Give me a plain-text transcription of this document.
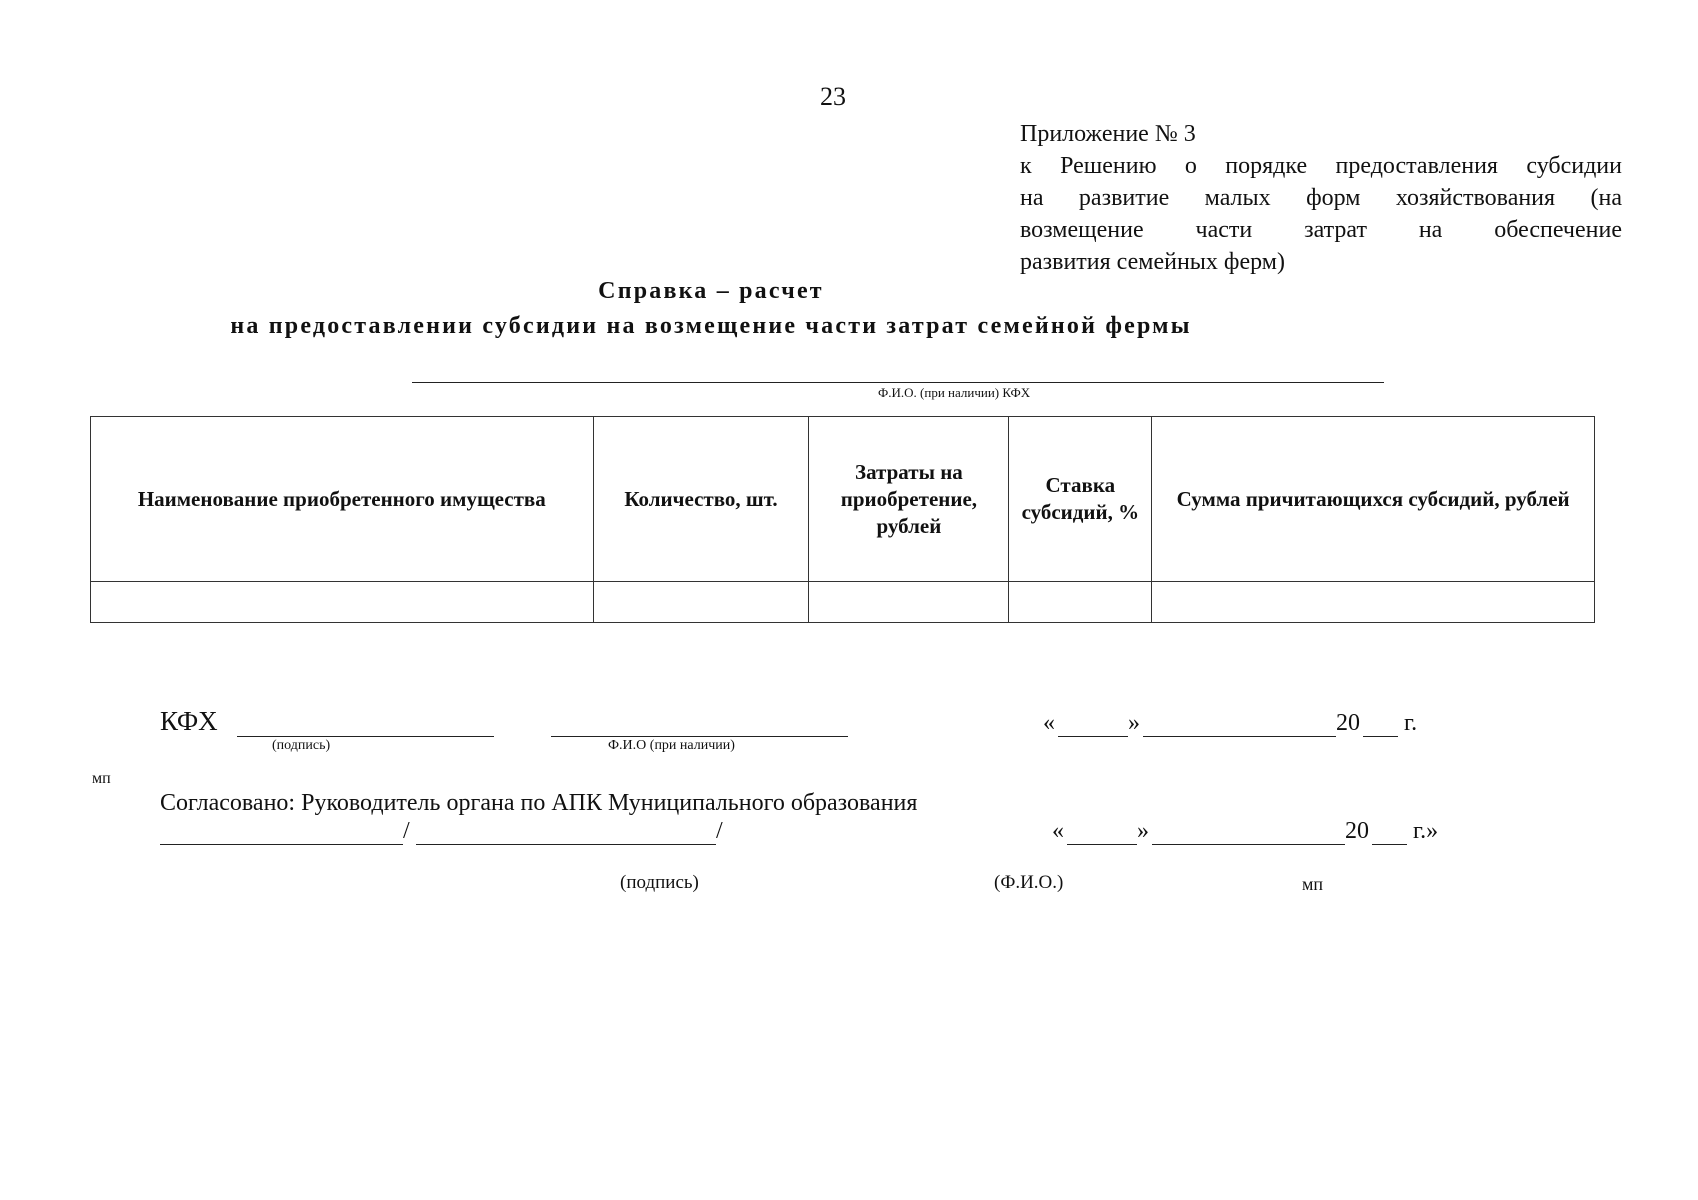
23
Приложение № 3
к Решению о порядке предоставления субсидии
на развитие малых форм хозяйствования (на
возмещение части затрат на обеспечение
развития семейных ферм)
Справка – расчет
на предоставлении субсидии на возмещение части затрат семейной фермы
Ф.И.О. (при наличии) КФХ
Наименование приобретенного имущества	Количество, шт.	Затраты на приобретение, рублей	Ставка субсидий, %	Сумма причитающихся субсидий, рублей

КФХ
(подпись)	Ф.И.О (при наличии)
«	»	20 г.
мп
Согласовано: Руководитель органа по АПК Муниципального образования
/	/	«	»	20 г.»
(подпись)	(Ф.И.О.)	мп
